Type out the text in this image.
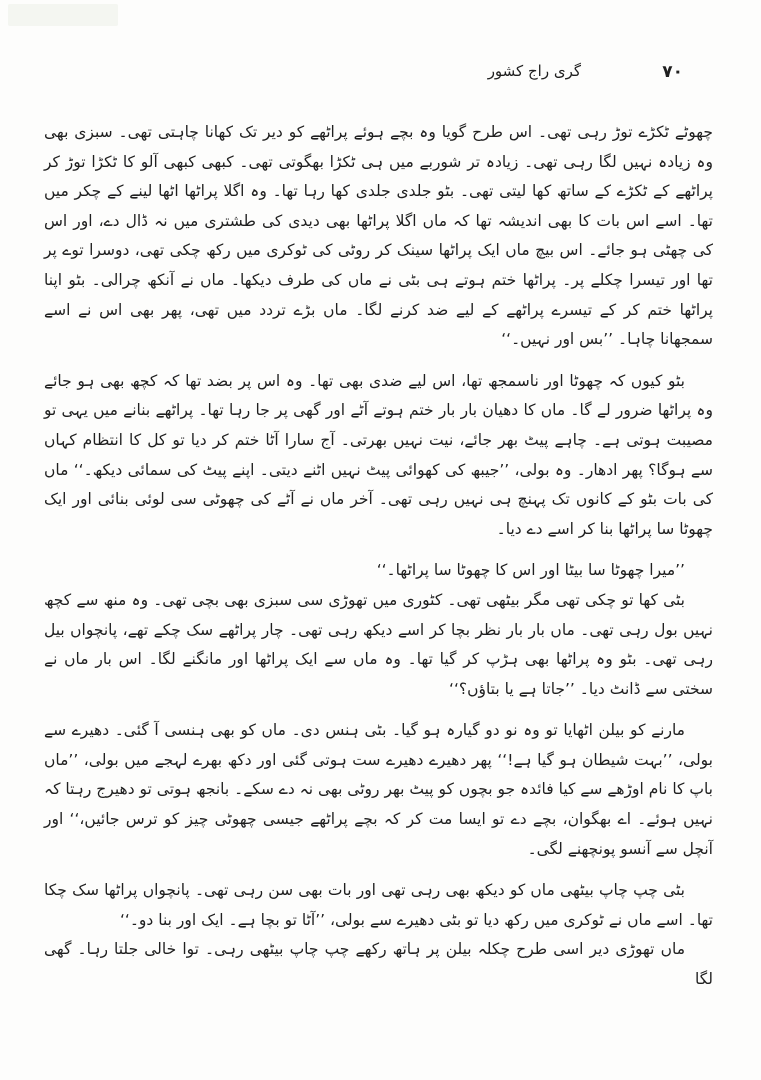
۷۰
گری راج کشور

چھوٹے ٹکڑے توڑ رہی تھی۔ اس طرح گویا وہ بچے ہوئے پراٹھے کو دیر تک کھانا چاہتی تھی۔ سبزی بھی وہ زیادہ نہیں لگا رہی تھی۔ زیادہ تر شوربے میں ہی ٹکڑا بھگوتی تھی۔ کبھی کبھی آلو کا ٹکڑا توڑ کر پراٹھے کے ٹکڑے کے ساتھ کھا لیتی تھی۔ بٹو جلدی جلدی کھا رہا تھا۔ وہ اگلا پراٹھا اٹھا لینے کے چکر میں تھا۔ اسے اس بات کا بھی اندیشہ تھا کہ ماں اگلا پراٹھا بھی دیدی کی طشتری میں نہ ڈال دے، اور اس کی چھٹی ہو جائے۔ اس بیچ ماں ایک پراٹھا سینک کر روٹی کی ٹوکری میں رکھ چکی تھی، دوسرا توے پر تھا اور تیسرا چکلے پر۔ پراٹھا ختم ہوتے ہی بٹی نے ماں کی طرف دیکھا۔ ماں نے آنکھ چرالی۔ بٹو اپنا پراٹھا ختم کر کے تیسرے پراٹھے کے لیے ضد کرنے لگا۔ ماں بڑے تردد میں تھی، پھر بھی اس نے اسے سمجھانا چاہا۔ ’’بس اور نہیں۔‘‘

بٹو کیوں کہ چھوٹا اور ناسمجھ تھا، اس لیے ضدی بھی تھا۔ وہ اس پر بضد تھا کہ کچھ بھی ہو جائے وہ پراٹھا ضرور لے گا۔ ماں کا دھیان بار بار ختم ہوتے آٹے اور گھی پر جا رہا تھا۔ پراٹھے بنانے میں یہی تو مصیبت ہوتی ہے۔ چاہے پیٹ بھر جائے، نیت نہیں بھرتی۔ آج سارا آٹا ختم کر دیا تو کل کا انتظام کہاں سے ہوگا؟ پھر ادھار۔ وہ بولی، ’’جیبھ کی کھوائی پیٹ نہیں اٹنے دیتی۔ اپنے پیٹ کی سمائی دیکھ۔‘‘ ماں کی بات بٹو کے کانوں تک پہنچ ہی نہیں رہی تھی۔ آخر ماں نے آٹے کی چھوٹی سی لوئی بنائی اور ایک چھوٹا سا پراٹھا بنا کر اسے دے دیا۔

’’میرا چھوٹا سا بیٹا اور اس کا چھوٹا سا پراٹھا۔‘‘

بٹی کھا تو چکی تھی مگر بیٹھی تھی۔ کٹوری میں تھوڑی سی سبزی بھی بچی تھی۔ وہ منھ سے کچھ نہیں بول رہی تھی۔ ماں بار بار نظر بچا کر اسے دیکھ رہی تھی۔ چار پراٹھے سک چکے تھے، پانچواں بیل رہی تھی۔ بٹو وہ پراٹھا بھی ہڑپ کر گیا تھا۔ وہ ماں سے ایک پراٹھا اور مانگنے لگا۔ اس بار ماں نے سختی سے ڈانٹ دیا۔ ’’جاتا ہے یا بتاؤں؟‘‘

مارنے کو بیلن اٹھایا تو وہ نو دو گیارہ ہو گیا۔ بٹی ہنس دی۔ ماں کو بھی ہنسی آ گئی۔ دھیرے سے بولی، ’’بہت شیطان ہو گیا ہے!‘‘ پھر دھیرے دھیرے ست ہوتی گئی اور دکھ بھرے لہجے میں بولی، ’’ماں باپ کا نام اوڑھے سے کیا فائدہ جو بچوں کو پیٹ بھر روٹی بھی نہ دے سکے۔ بانجھ ہوتی تو دھیرج رہتا کہ نہیں ہوئے۔ اے بھگوان، بچے دے تو ایسا مت کر کہ بچے پراٹھے جیسی چھوٹی چیز کو ترس جائیں،‘‘ اور آنچل سے آنسو پونچھنے لگی۔

بٹی چپ چاپ بیٹھی ماں کو دیکھ بھی رہی تھی اور بات بھی سن رہی تھی۔ پانچواں پراٹھا سک چکا تھا۔ اسے ماں نے ٹوکری میں رکھ دیا تو بٹی دھیرے سے بولی، ’’آٹا تو بچا ہے۔ ایک اور بنا دو۔‘‘

ماں تھوڑی دیر اسی طرح چکلہ بیلن پر ہاتھ رکھے چپ چاپ بیٹھی رہی۔ توا خالی جلتا رہا۔ گھی لگا
